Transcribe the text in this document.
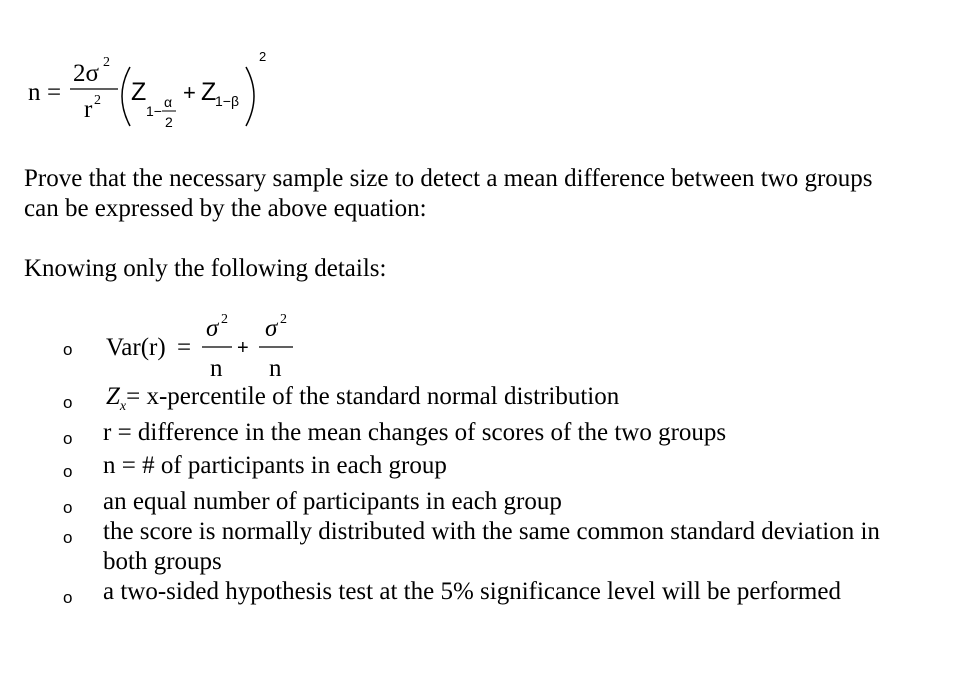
n =
2σ 2
r 2 Z
1−
α
2
+ Z
1−β
2
Prove that the necessary sample size to detect a mean difference between two groups
can be expressed by the above equation:
Knowing only the following details:
o Var(r) =
σ 2
n
+
σ 2
n
o $Z_x=$ x-percentile of the standard normal distribution
o r = difference in the mean changes of scores of the two groups
o n = # of participants in each group
o an equal number of participants in each group
o the score is normally distributed with the same common standard deviation in
both groups
o a two-sided hypothesis test at the 5% significance level will be performed
